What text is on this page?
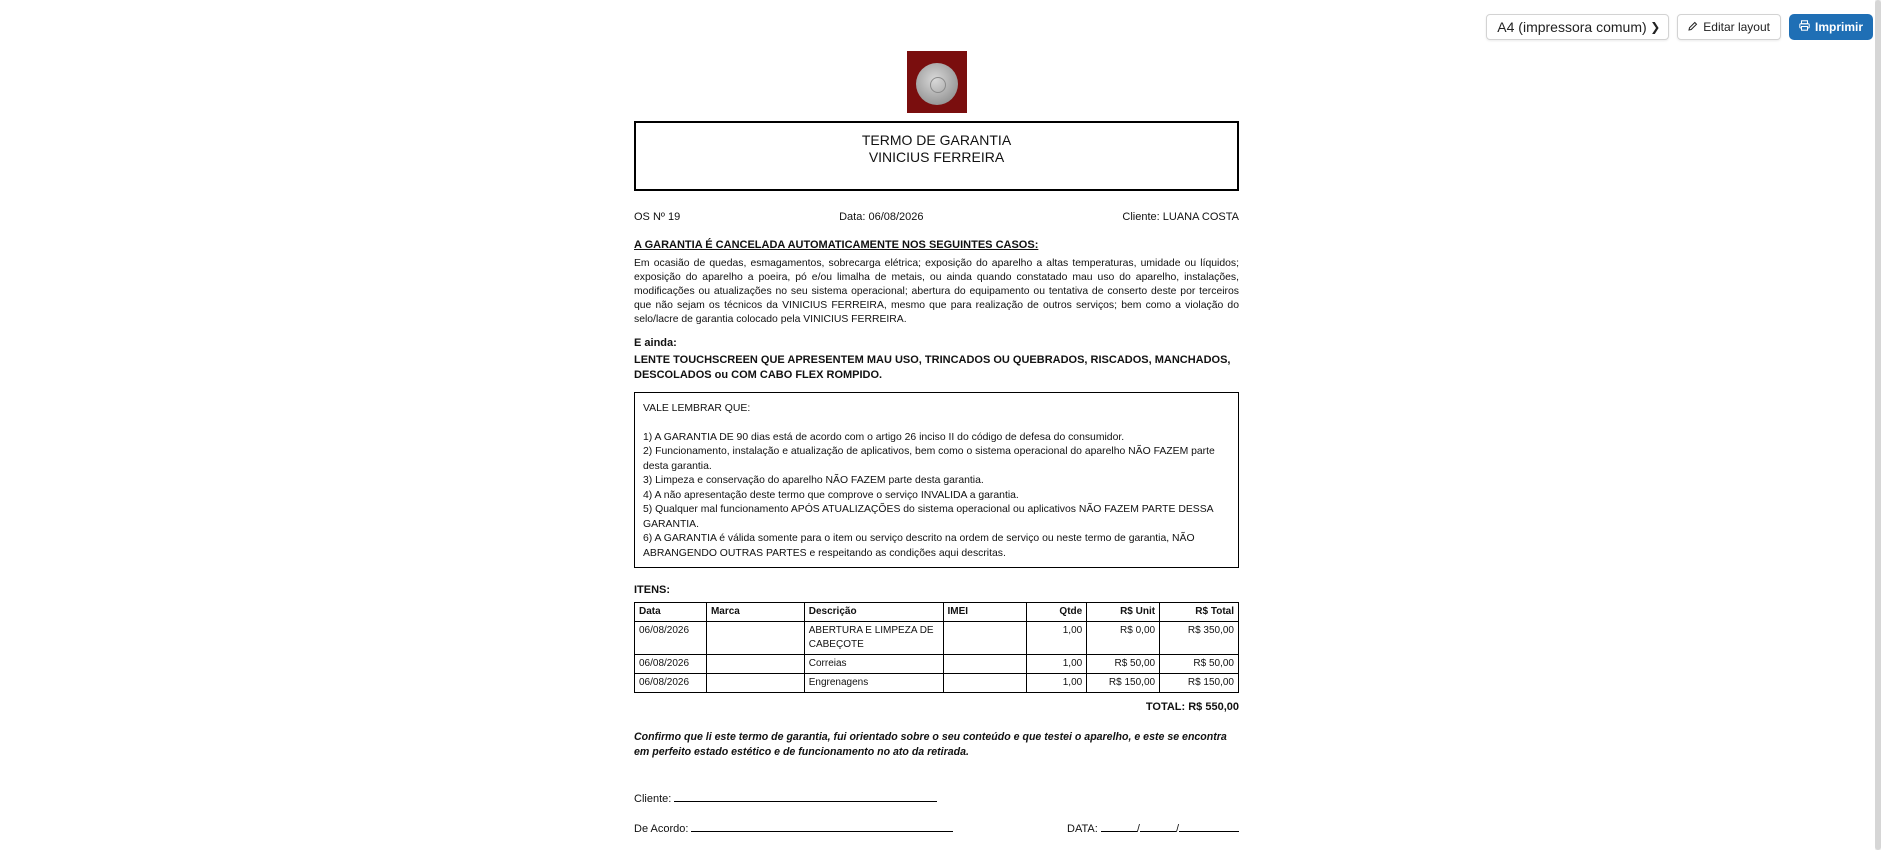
A4 (impressora comum) ❯	Editar layout	Imprimir
TERMO DE GARANTIA
VINICIUS FERREIRA
OS Nº 19	Data: 06/08/2026	Cliente: LUANA COSTA
A GARANTIA É CANCELADA AUTOMATICAMENTE NOS SEGUINTES CASOS:
Em ocasião de quedas, esmagamentos, sobrecarga elétrica; exposição do aparelho a altas temperaturas, umidade ou líquidos; exposição do aparelho a poeira, pó e/ou limalha de metais, ou ainda quando constatado mau uso do aparelho, instalações, modificações ou atualizações no seu sistema operacional; abertura do equipamento ou tentativa de conserto deste por terceiros que não sejam os técnicos da VINICIUS FERREIRA, mesmo que para realização de outros serviços; bem como a violação do selo/lacre de garantia colocado pela VINICIUS FERREIRA.
E ainda:
LENTE TOUCHSCREEN QUE APRESENTEM MAU USO, TRINCADOS OU QUEBRADOS, RISCADOS, MANCHADOS, DESCOLADOS ou COM CABO FLEX ROMPIDO.
VALE LEMBRAR QUE:
1) A GARANTIA DE 90 dias está de acordo com o artigo 26 inciso II do código de defesa do consumidor.
2) Funcionamento, instalação e atualização de aplicativos, bem como o sistema operacional do aparelho NÃO FAZEM parte desta garantia.
3) Limpeza e conservação do aparelho NÃO FAZEM parte desta garantia.
4) A não apresentação deste termo que comprove o serviço INVALIDA a garantia.
5) Qualquer mal funcionamento APÓS ATUALIZAÇÕES do sistema operacional ou aplicativos NÃO FAZEM PARTE DESSA GARANTIA.
6) A GARANTIA é válida somente para o item ou serviço descrito na ordem de serviço ou neste termo de garantia, NÃO ABRANGENDO OUTRAS PARTES e respeitando as condições aqui descritas.
ITENS:
Data	Marca	Descrição	IMEI	Qtde	R$ Unit	R$ Total
06/08/2026		ABERTURA E LIMPEZA DE CABEÇOTE		1,00	R$ 0,00	R$ 350,00
06/08/2026		Correias		1,00	R$ 50,00	R$ 50,00
06/08/2026		Engrenagens		1,00	R$ 150,00	R$ 150,00
TOTAL: R$ 550,00
Confirmo que li este termo de garantia, fui orientado sobre o seu conteúdo e que testei o aparelho, e este se encontra em perfeito estado estético e de funcionamento no ato da retirada.
Cliente:
De Acordo:	DATA:	/	/
